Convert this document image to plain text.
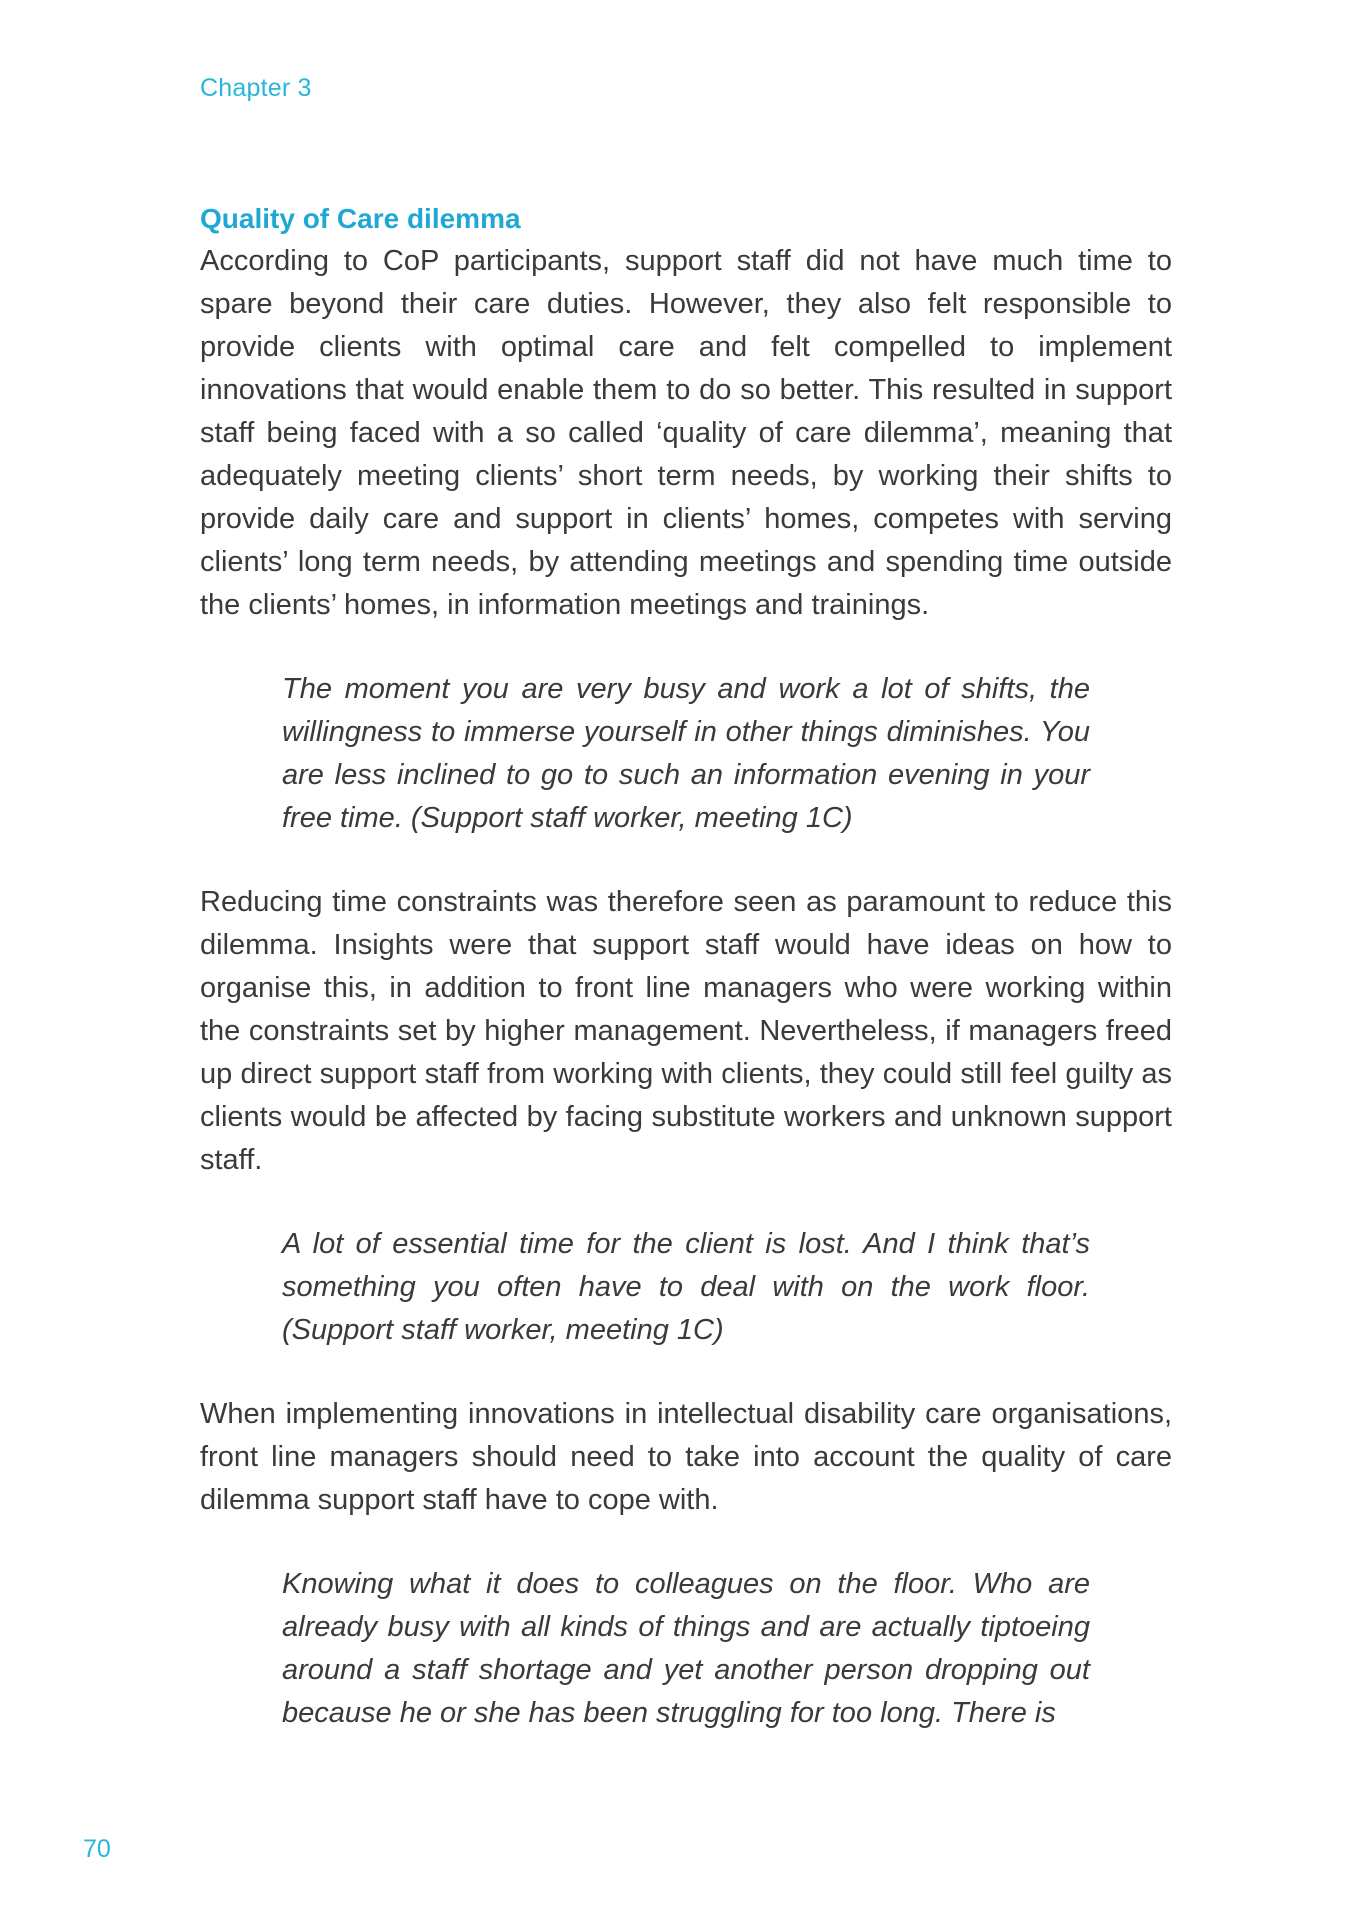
Chapter 3
Quality of Care dilemma

According to CoP participants, support staff did not have much time to spare beyond their care duties. However, they also felt responsible to provide clients with optimal care and felt compelled to implement innovations that would enable them to do so better. This resulted in support staff being faced with a so called ‘quality of care dilemma’, meaning that adequately meeting clients’ short term needs, by working their shifts to provide daily care and support in clients’ homes, competes with serving clients’ long term needs, by attending meetings and spending time outside the clients’ homes, in information meetings and trainings.

The moment you are very busy and work a lot of shifts, the willingness to immerse yourself in other things diminishes. You are less inclined to go to such an information evening in your free time. (Support staff worker, meeting 1C)

Reducing time constraints was therefore seen as paramount to reduce this dilemma. Insights were that support staff would have ideas on how to organise this, in addition to front line managers who were working within the constraints set by higher management. Nevertheless, if managers freed up direct support staff from working with clients, they could still feel guilty as clients would be affected by facing substitute workers and unknown support staff.

A lot of essential time for the client is lost. And I think that’s something you often have to deal with on the work floor. (Support staff worker, meeting 1C)

When implementing innovations in intellectual disability care organisations, front line managers should need to take into account the quality of care dilemma support staff have to cope with.

Knowing what it does to colleagues on the floor. Who are already busy with all kinds of things and are actually tiptoeing around a staff shortage and yet another person dropping out because he or she has been struggling for too long. There is

70
